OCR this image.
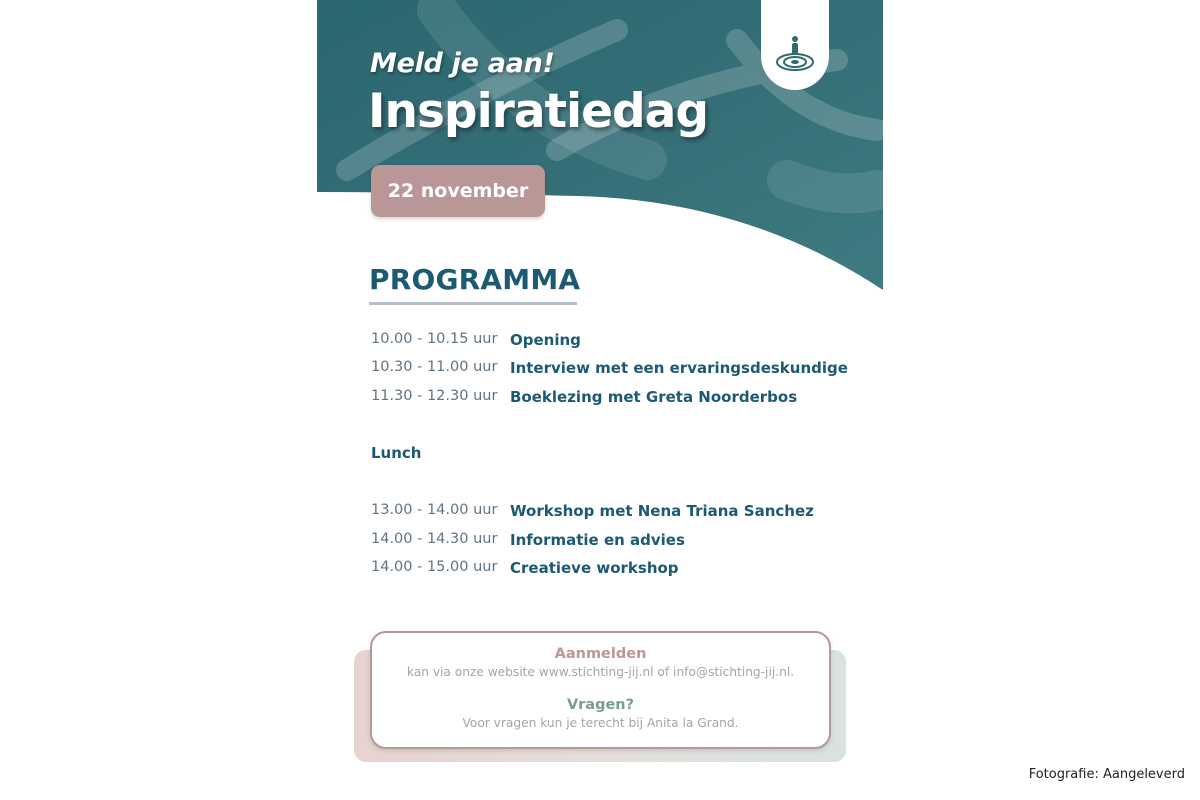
Meld je aan!
Inspiratiedag
22 november
PROGRAMMA
10.00 - 10.15 uur Opening
10.30 - 11.00 uur Interview met een ervaringsdeskundige
11.30 - 12.30 uur Boeklezing met Greta Noorderbos
Lunch
13.00 - 14.00 uur Workshop met Nena Triana Sanchez
14.00 - 14.30 uur Informatie en advies
14.00 - 15.00 uur Creatieve workshop
Aanmelden
kan via onze website www.stichting-jij.nl of info@stichting-jij.nl.
Vragen?
Voor vragen kun je terecht bij Anita la Grand.
Fotografie: Aangeleverd
